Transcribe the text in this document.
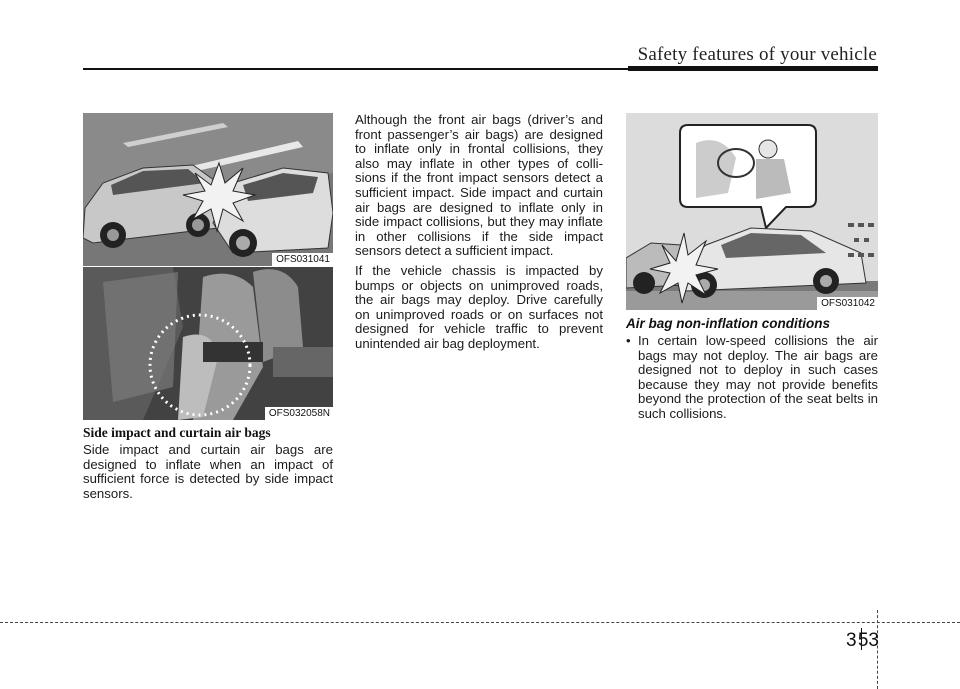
Safety features of your vehicle
OFS031041
OFS032058N
Side impact and curtain air bags

Side impact and curtain air bags are designed to inflate when an impact of sufficient force is detected by side impact sensors.

Although the front air bags (driver’s and front passenger’s air bags) are designed to inflate only in frontal collisions, they also may inflate in other types of colli-sions if the front impact sensors detect a sufficient impact. Side impact and curtain air bags are designed to inflate only in side impact collisions, but they may inflate in other collisions if the side impact sensors detect a sufficient impact.

If the vehicle chassis is impacted by bumps or objects on unimproved roads, the air bags may deploy. Drive carefully on unimproved roads or on surfaces not designed for vehicle traffic to prevent unintended air bag deployment.

OFS031042
Air bag non-inflation conditions
• In certain low-speed collisions the air bags may not deploy. The air bags are designed not to deploy in such cases because they may not provide benefits beyond the protection of the seat belts in such collisions.
3 53
